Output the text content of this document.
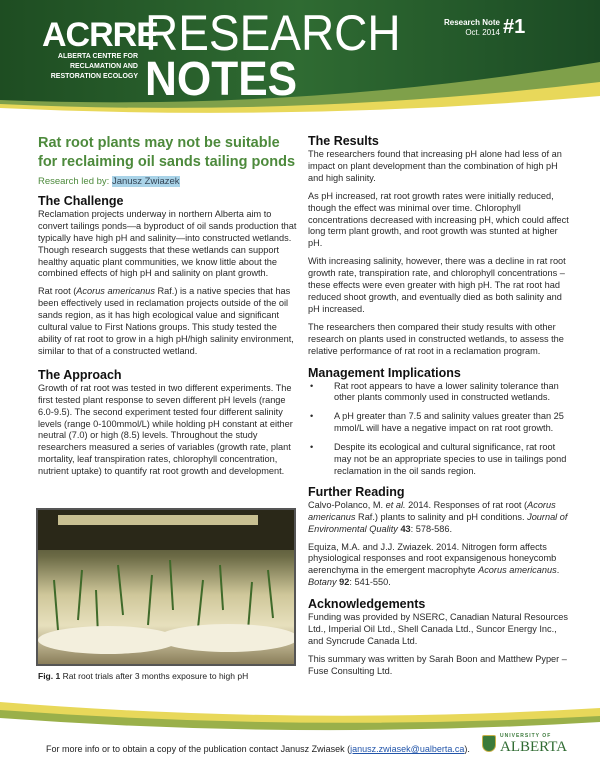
ACRRE
ALBERTA CENTRE FOR
RECLAMATION AND
RESTORATION ECOLOGY
RESEARCH
NOTES
Research Note
Oct. 2014 #1
Rat root plants may not be suitable for reclaiming oil sands tailing ponds
Research led by: Janusz Zwiazek
The Challenge

Reclamation projects underway in northern Alberta aim to convert tailings ponds—a byproduct of oil sands production that typically have high pH and salinity—into constructed wetlands. Though research suggests that these wetlands can support healthy aquatic plant communities, we know little about the combined effects of high pH and salinity on plant growth.

Rat root (Acorus americanus Raf.) is a native species that has been effectively used in reclamation projects outside of the oil sands region, as it has high ecological value and significant cultural value to First Nations groups. This study tested the ability of rat root to grow in a high pH/high salinity environment, similar to that of a constructed wetland.

The Approach

Growth of rat root was tested in two different experiments. The first tested plant response to seven different pH levels (range 6.0-9.5). The second experiment tested four different salinity levels (range 0-100mmol/L) while holding pH constant at either neutral (7.0) or high (8.5) levels. Throughout the study researchers measured a series of variables (growth rate, plant mortality, leaf transpiration rates, chlorophyll concentration, nutrient uptake) to quantify rat root growth and development.

Fig. 1 Rat root trials after 3 months exposure to high pH
The Results

The researchers found that increasing pH alone had less of an impact on plant development than the combination of high pH and high salinity.

As pH increased, rat root growth rates were initially reduced, though the effect was minimal over time. Chlorophyll concentrations decreased with increasing pH, which could affect long term plant growth, and root growth was stunted at higher pH.

With increasing salinity, however, there was a decline in rat root growth rate, transpiration rate, and chlorophyll concentrations – these effects were even greater with high pH. The rat root had reduced shoot growth, and eventually died as both salinity and pH increased.

The researchers then compared their study results with other research on plants used in constructed wetlands, to assess the relative performance of rat root in a reclamation program.

Management Implications
• Rat root appears to have a lower salinity tolerance than other plants commonly used in constructed wetlands.
• A pH greater than 7.5 and salinity values greater than 25 mmol/L will have a negative impact on rat root growth.
• Despite its ecological and cultural significance, rat root may not be an appropriate species to use in tailings pond reclamation in the oil sands region.
Further Reading

Calvo-Polanco, M. et al. 2014. Responses of rat root (Acorus americanus Raf.) plants to salinity and pH conditions. Journal of Environmental Quality 43: 578-586.

Equiza, M.A. and J.J. Zwiazek. 2014. Nitrogen form affects physiological responses and root expansigenous honeycomb aerenchyma in the emergent macrophyte Acorus americanus. Botany 92: 541-550.

Acknowledgements

Funding was provided by NSERC, Canadian Natural Resources Ltd., Imperial Oil Ltd., Shell Canada Ltd., Suncor Energy Inc., and Syncrude Canada Ltd.

This summary was written by Sarah Boon and Matthew Pyper – Fuse Consulting Ltd.

For more info or to obtain a copy of the publication contact Janusz Zwiasek (janusz.zwiasek@ualberta.ca).
UNIVERSITY OF
ALBERTA
